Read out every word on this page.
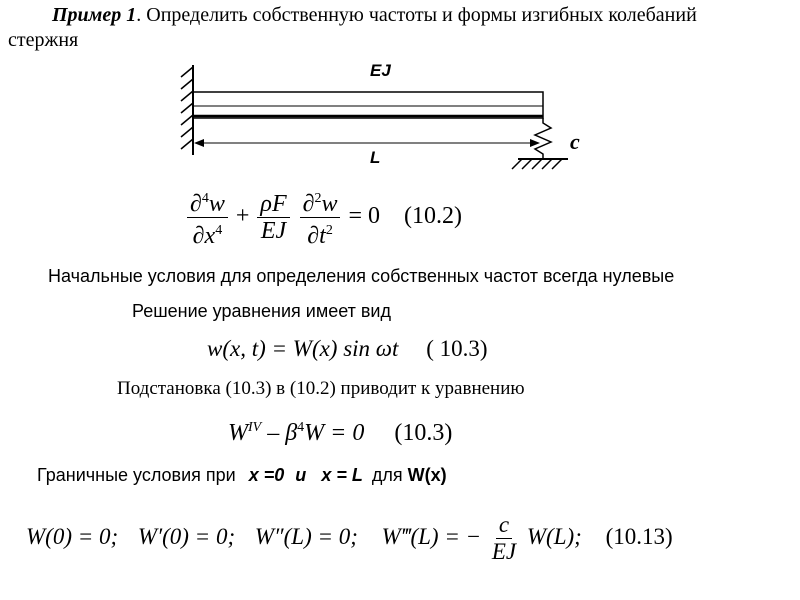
Пример 1. Определить собственную частоты и формы изгибных колебаний
стержня
EJ
L
c
$\frac{\partial^4w}{\partial x^4} + \frac{\rho F}{EJ}$
$\frac{\partial^2w}{\partial t^2} = 0$ (10.2)
Начальные условия для определения собственных частот всегда нулевые
Решение уравнения имеет вид
w(x, t) = W(x) sin ωt ( 10.3)
Подстановка (10.3) в (10.2) приводит к уравнению
$W^{IV} - \beta^4W = 0$ (10.3)
Граничные условия при x =0 и x = L для W(x)
W(0) = 0; W′(0) = 0; W″(L) = 0; W‴(L) = − $\frac{c}{EJ} W(L)$; (10.13)
